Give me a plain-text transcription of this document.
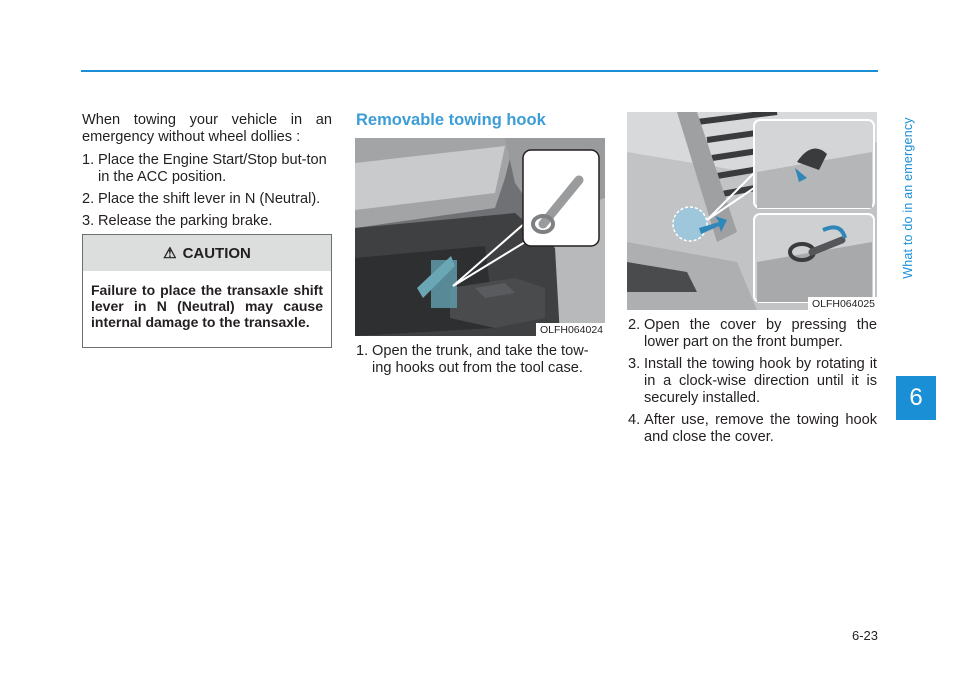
What to do in an emergency
6

When towing your vehicle in an emergency without wheel dollies :

1. Place the Engine Start/Stop but-ton in the ACC position.
2. Place the shift lever in N (Neutral).
3. Release the parking brake.
⚠ CAUTION
Failure to place the transaxle shift lever in N (Neutral) may cause internal damage to the transaxle.
Removable towing hook
OLFH064024
1. Open the trunk, and take the tow-ing hooks out from the tool case.
OLFH064025
2. Open the cover by pressing the lower part on the front bumper.
3. Install the towing hook by rotating it in a clock-wise direction until it is securely installed.
4. After use, remove the towing hook and close the cover.
6-23
